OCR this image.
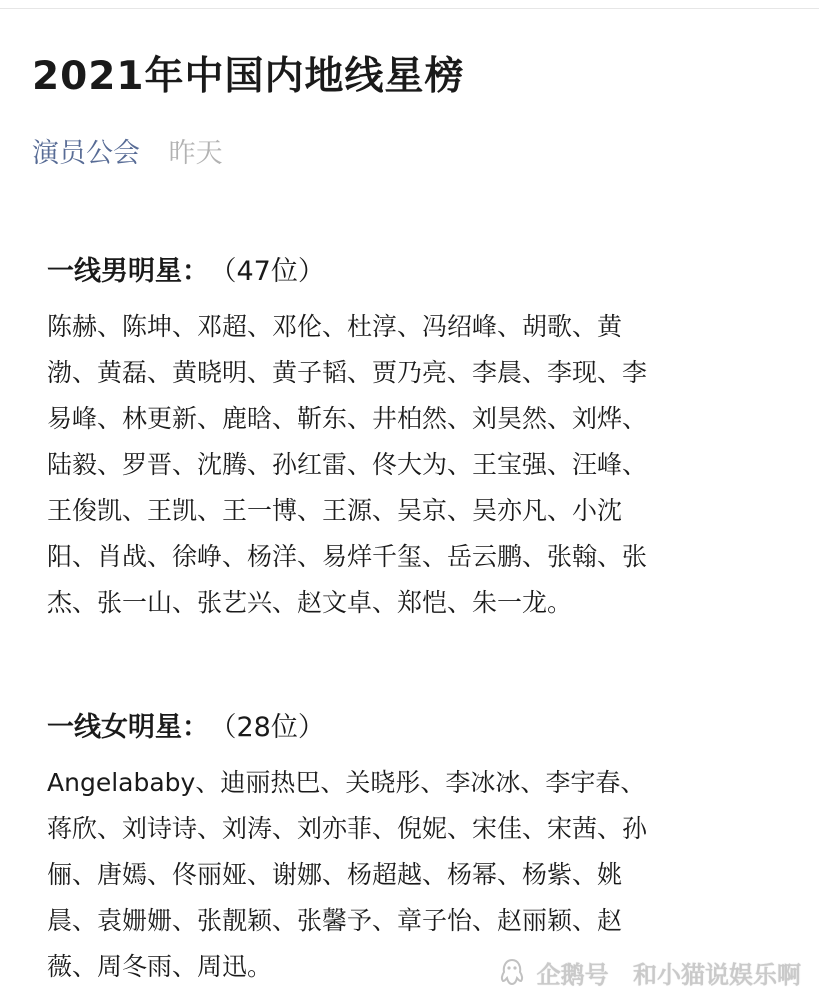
2021年中国内地线星榜
演员公会 昨天
一线男明星： （47位）
陈赫、陈坤、邓超、邓伦、杜淳、冯绍峰、胡歌、黄
渤、黄磊、黄晓明、黄子韬、贾乃亮、李晨、李现、李
易峰、林更新、鹿晗、靳东、井柏然、刘昊然、刘烨、
陆毅、罗晋、沈腾、孙红雷、佟大为、王宝强、汪峰、
王俊凯、王凯、王一博、王源、吴京、吴亦凡、小沈
阳、肖战、徐峥、杨洋、易烊千玺、岳云鹏、张翰、张
杰、张一山、张艺兴、赵文卓、郑恺、朱一龙。
一线女明星： （28位）
Angelababy、迪丽热巴、关晓彤、李冰冰、李宇春、
蒋欣、刘诗诗、刘涛、刘亦菲、倪妮、宋佳、宋茜、孙
俪、唐嫣、佟丽娅、谢娜、杨超越、杨幂、杨紫、姚
晨、袁姗姗、张靓颖、张馨予、章子怡、赵丽颖、赵
薇、周冬雨、周迅。	企鹅号
和小猫说娱乐啊
